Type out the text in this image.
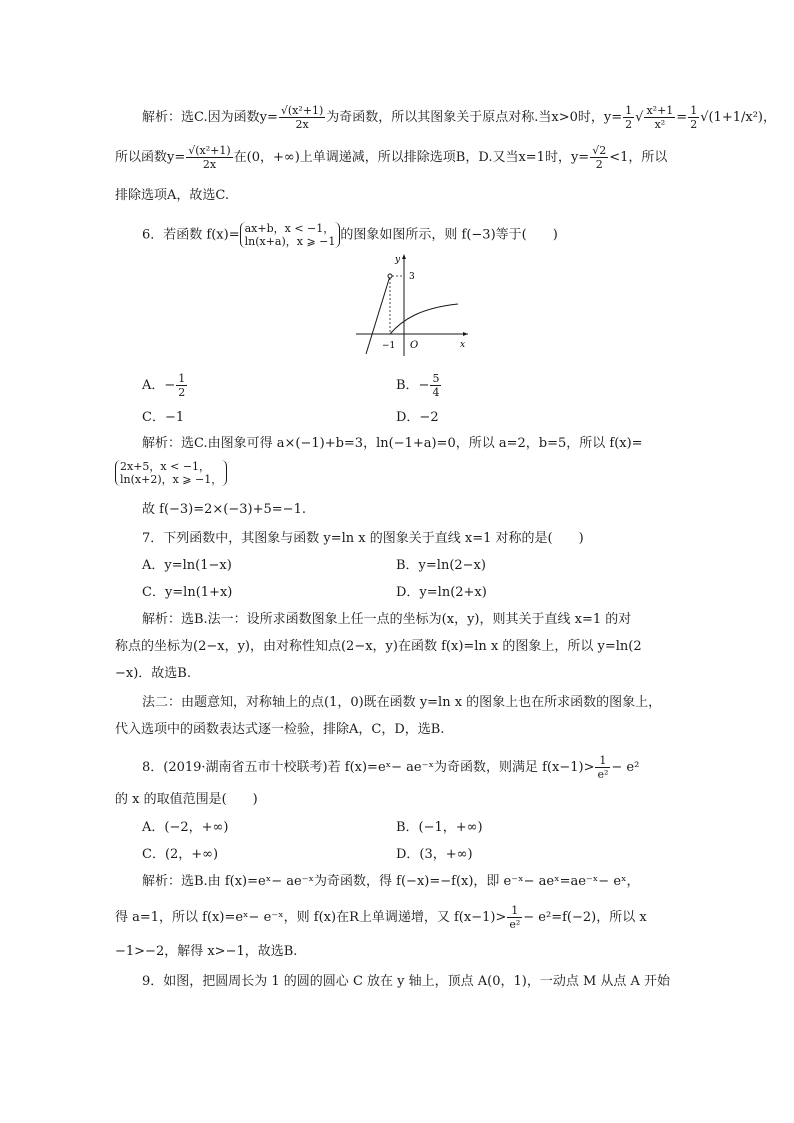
解析：选C.因为函数$y= \frac{\text{√(x²+1)}}{2x}$ 为奇函数，所以其图象关于原点对称.当x>0时，$y= \frac{1}{2}$ √ $\frac{\text{x²+1}}{\text{x²}} = \frac{1}{2} √(1+1/x^2)$，
所以函数$y= \frac{\text{√(x²+1)}}{2x}$ 在(0，+∞)上单调递减，所以排除选项B，D.又当x=1时，$y= \frac{√2}{2} <1$，所以
排除选项A，故选C.
6．若函数 f(x)= ax+b，x < −1，
ln(x+a)，x ⩾ −1 的图象如图所示，则 f(−3)等于(　　)
y
x
O
−1
3
A．− $\frac{1}{2}$	B．− $\frac{5}{4}$
C．−1	D．−2
解析：选C.由图象可得 a×(−1)+b=3，ln(−1+a)=0，所以 a=2，b=5，所以 f(x)=
2x+5，x < −1，
ln(x+2)，x ⩾ −1，
故 f(−3)=2×(−3)+5=−1.
7．下列函数中，其图象与函数 y=ln x 的图象关于直线 x=1 对称的是(　　)
A．y=ln(1−x)	B．y=ln(2−x)
C．y=ln(1+x)	D．y=ln(2+x)
解析：选B.法一：设所求函数图象上任一点的坐标为(x，y)，则其关于直线 x=1 的对
称点的坐标为(2−x，y)，由对称性知点(2−x，y)在函数 f(x)=ln x 的图象上，所以 y=ln(2
−x)．故选B.
法二：由题意知，对称轴上的点(1，0)既在函数 y=ln x 的图象上也在所求函数的图象上，
代入选项中的函数表达式逐一检验，排除A，C，D，选B.
8．(2019·湖南省五市十校联考)若 f(x)=eˣ− ae⁻ˣ为奇函数，则满足 $f(x-1)> \frac{1}{\text{e²}} - e^2$
的 x 的取值范围是(　　)
A．(−2，+∞)	B．(−1，+∞)
C．(2，+∞)	D．(3，+∞)
解析：选B.由 f(x)=eˣ− ae⁻ˣ为奇函数，得 f(−x)=−f(x)，即 e⁻ˣ− aeˣ=ae⁻ˣ− eˣ，
得 a=1，所以 f(x)=eˣ− e⁻ˣ，则 f(x)在R上单调递增，又 $f(x-1)> \frac{1}{\text{e²}} - e^2=f(-2)$，所以 x
−1>−2，解得 x>−1，故选B.
9．如图，把圆周长为 1 的圆的圆心 C 放在 y 轴上，顶点 A(0，1)，一动点 M 从点 A 开始
